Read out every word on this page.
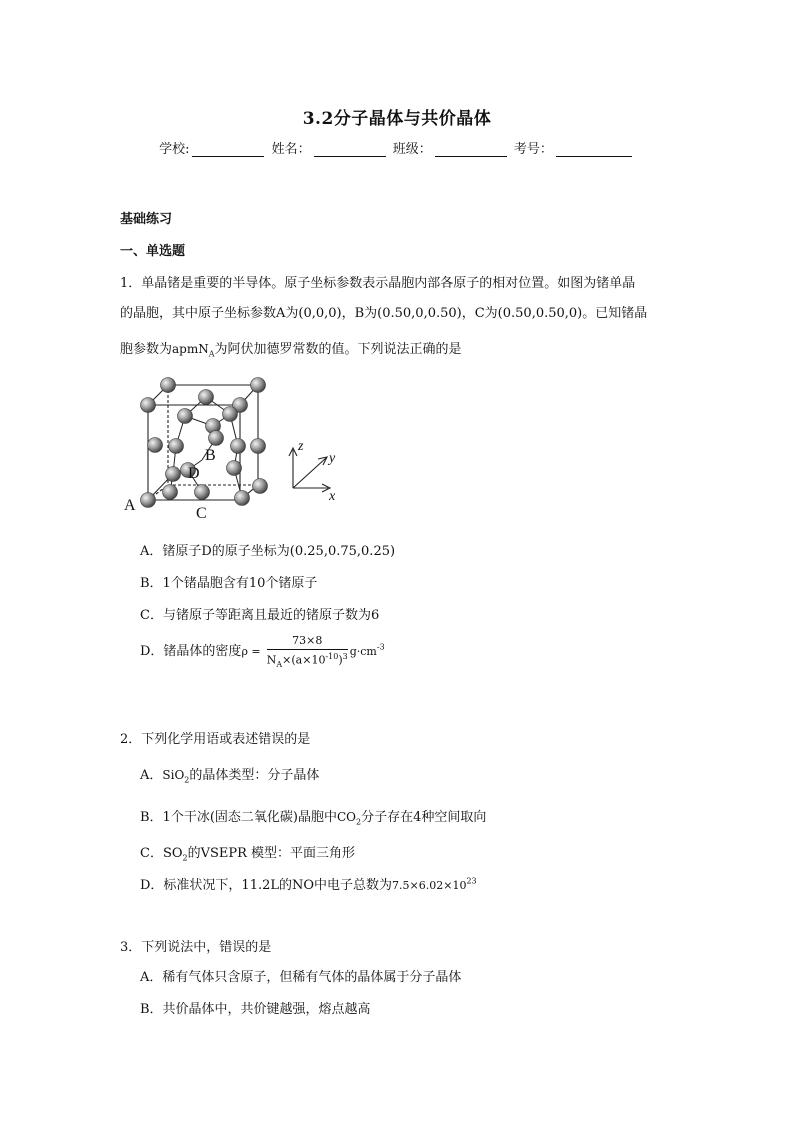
3.2分子晶体与共价晶体
学校:	姓名：	班级：	考号：
基础练习
一、单选题
1．单晶锗是重要的半导体。原子坐标参数表示晶胞内部各原子的相对位置。如图为锗单晶
的晶胞，其中原子坐标参数A为(0,0,0)，B为(0.50,0,0.50)，C为(0.50,0.50,0)。已知锗晶
胞参数为apmN$_A$为阿伏加德罗常数的值。下列说法正确的是
A
B
C
D
z
y
x
A．锗原子D的原子坐标为(0.25,0.75,0.25)
B．1个锗晶胞含有10个锗原子
C．与锗原子等距离且最近的锗原子数为6
D．锗晶体的密度$\rho = \frac{73\times 8}{N_A\times(a\times 10^{-10})^3} g\cdot cm^{-3}$
2．下列化学用语或表述错误的是
A．SiO$_2$的晶体类型：分子晶体
B．1个干冰(固态二氧化碳)晶胞中$CO_2$分子存在4种空间取向
C．$SO_2$的VSEPR 模型：平面三角形
D．标准状况下，11.2L的NO中电子总数为$7.5\times 6.02\times 10^{23}$
3．下列说法中，错误的是
A．稀有气体只含原子，但稀有气体的晶体属于分子晶体
B．共价晶体中，共价键越强，熔点越高
